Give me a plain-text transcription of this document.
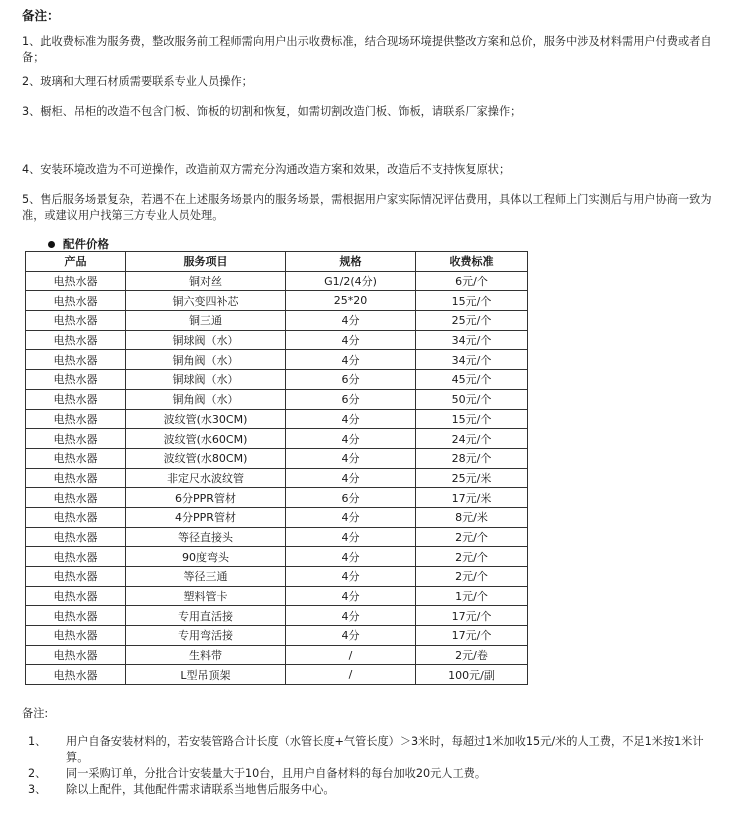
备注：
1、此收费标准为服务费，整改服务前工程师需向用户出示收费标准，结合现场环境提供整改方案和总价，服务中涉及材料需用户付费或者自备；
2、玻璃和大理石材质需要联系专业人员操作；
3、橱柜、吊柜的改造不包含门板、饰板的切割和恢复，如需切割改造门板、饰板，请联系厂家操作；
4、安装环境改造为不可逆操作，改造前双方需充分沟通改造方案和效果，改造后不支持恢复原状；
5、售后服务场景复杂，若遇不在上述服务场景内的服务场景，需根据用户家实际情况评估费用，具体以工程师上门实测后与用户协商一致为准，或建议用户找第三方专业人员处理。
配件价格
产品	服务项目	规格	收费标准
电热水器	铜对丝	G1/2(4分)	6元/个
电热水器	铜六变四补芯	25*20	15元/个
电热水器	铜三通	4分	25元/个
电热水器	铜球阀（水）	4分	34元/个
电热水器	铜角阀（水）	4分	34元/个
电热水器	铜球阀（水）	6分	45元/个
电热水器	铜角阀（水）	6分	50元/个
电热水器	波纹管(水30CM)	4分	15元/个
电热水器	波纹管(水60CM)	4分	24元/个
电热水器	波纹管(水80CM)	4分	28元/个
电热水器	非定尺水波纹管	4分	25元/米
电热水器	6分PPR管材	6分	17元/米
电热水器	4分PPR管材	4分	8元/米
电热水器	等径直接头	4分	2元/个
电热水器	90度弯头	4分	2元/个
电热水器	等径三通	4分	2元/个
电热水器	塑料管卡	4分	1元/个
电热水器	专用直活接	4分	17元/个
电热水器	专用弯活接	4分	17元/个
电热水器	生料带	/	2元/卷
电热水器	L型吊顶架	/	100元/副
备注:
1、	用户自备安装材料的，若安装管路合计长度（水管长度+气管长度）＞3米时，每超过1米加收15元/米的人工费，不足1米按1米计算。
2、	同一采购订单，分批合计安装量大于10台，且用户自备材料的每台加收20元人工费。
3、	除以上配件，其他配件需求请联系当地售后服务中心。
